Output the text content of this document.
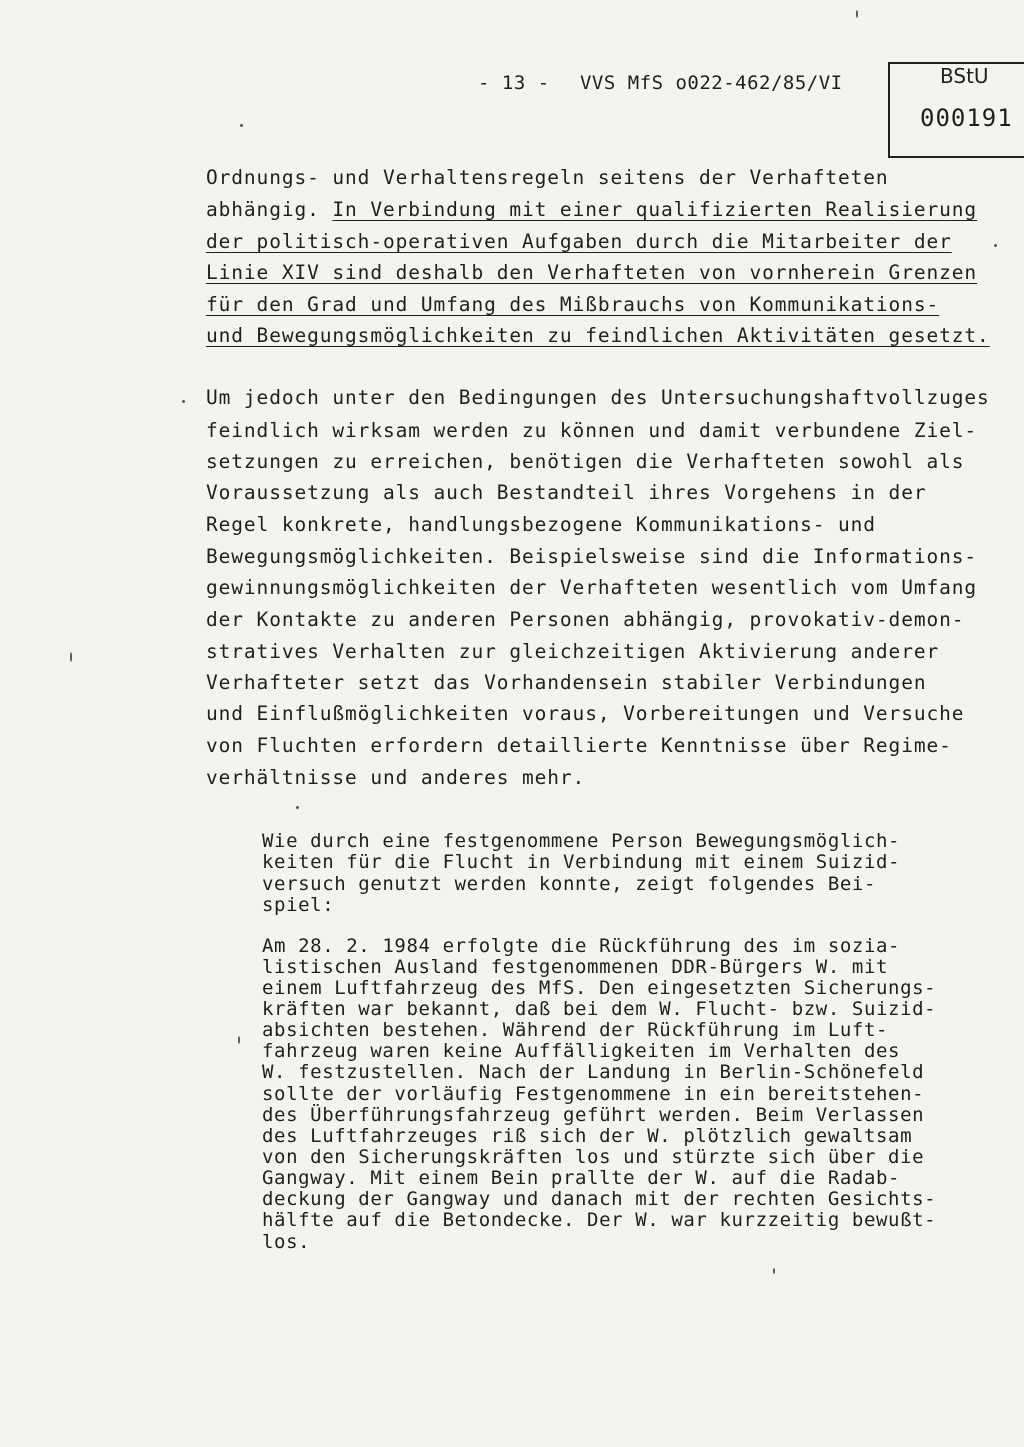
- 13 - VVS MfS o022-462/85/VI	BStU
000191
Ordnungs- und Verhaltensregeln seitens der Verhafteten
abhängig. In Verbindung mit einer qualifizierten Realisierung
der politisch-operativen Aufgaben durch die Mitarbeiter der
Linie XIV sind deshalb den Verhafteten von vornherein Grenzen
für den Grad und Umfang des Mißbrauchs von Kommunikations-
und Bewegungsmöglichkeiten zu feindlichen Aktivitäten gesetzt.
Um jedoch unter den Bedingungen des Untersuchungshaftvollzuges
feindlich wirksam werden zu können und damit verbundene Ziel-
setzungen zu erreichen, benötigen die Verhafteten sowohl als
Voraussetzung als auch Bestandteil ihres Vorgehens in der
Regel konkrete, handlungsbezogene Kommunikations- und
Bewegungsmöglichkeiten. Beispielsweise sind die Informations-
gewinnungsmöglichkeiten der Verhafteten wesentlich vom Umfang
der Kontakte zu anderen Personen abhängig, provokativ-demon-
stratives Verhalten zur gleichzeitigen Aktivierung anderer
Verhafteter setzt das Vorhandensein stabiler Verbindungen
und Einflußmöglichkeiten voraus, Vorbereitungen und Versuche
von Fluchten erfordern detaillierte Kenntnisse über Regime-
verhältnisse und anderes mehr.
Wie durch eine festgenommene Person Bewegungsmöglich-
keiten für die Flucht in Verbindung mit einem Suizid-
versuch genutzt werden konnte, zeigt folgendes Bei-
spiel:
Am 28. 2. 1984 erfolgte die Rückführung des im sozia-
listischen Ausland festgenommenen DDR-Bürgers W. mit
einem Luftfahrzeug des MfS. Den eingesetzten Sicherungs-
kräften war bekannt, daß bei dem W. Flucht- bzw. Suizid-
absichten bestehen. Während der Rückführung im Luft-
fahrzeug waren keine Auffälligkeiten im Verhalten des
W. festzustellen. Nach der Landung in Berlin-Schönefeld
sollte der vorläufig Festgenommene in ein bereitstehen-
des Überführungsfahrzeug geführt werden. Beim Verlassen
des Luftfahrzeuges riß sich der W. plötzlich gewaltsam
von den Sicherungskräften los und stürzte sich über die
Gangway. Mit einem Bein prallte der W. auf die Radab-
deckung der Gangway und danach mit der rechten Gesichts-
hälfte auf die Betondecke. Der W. war kurzzeitig bewußt-
los.
